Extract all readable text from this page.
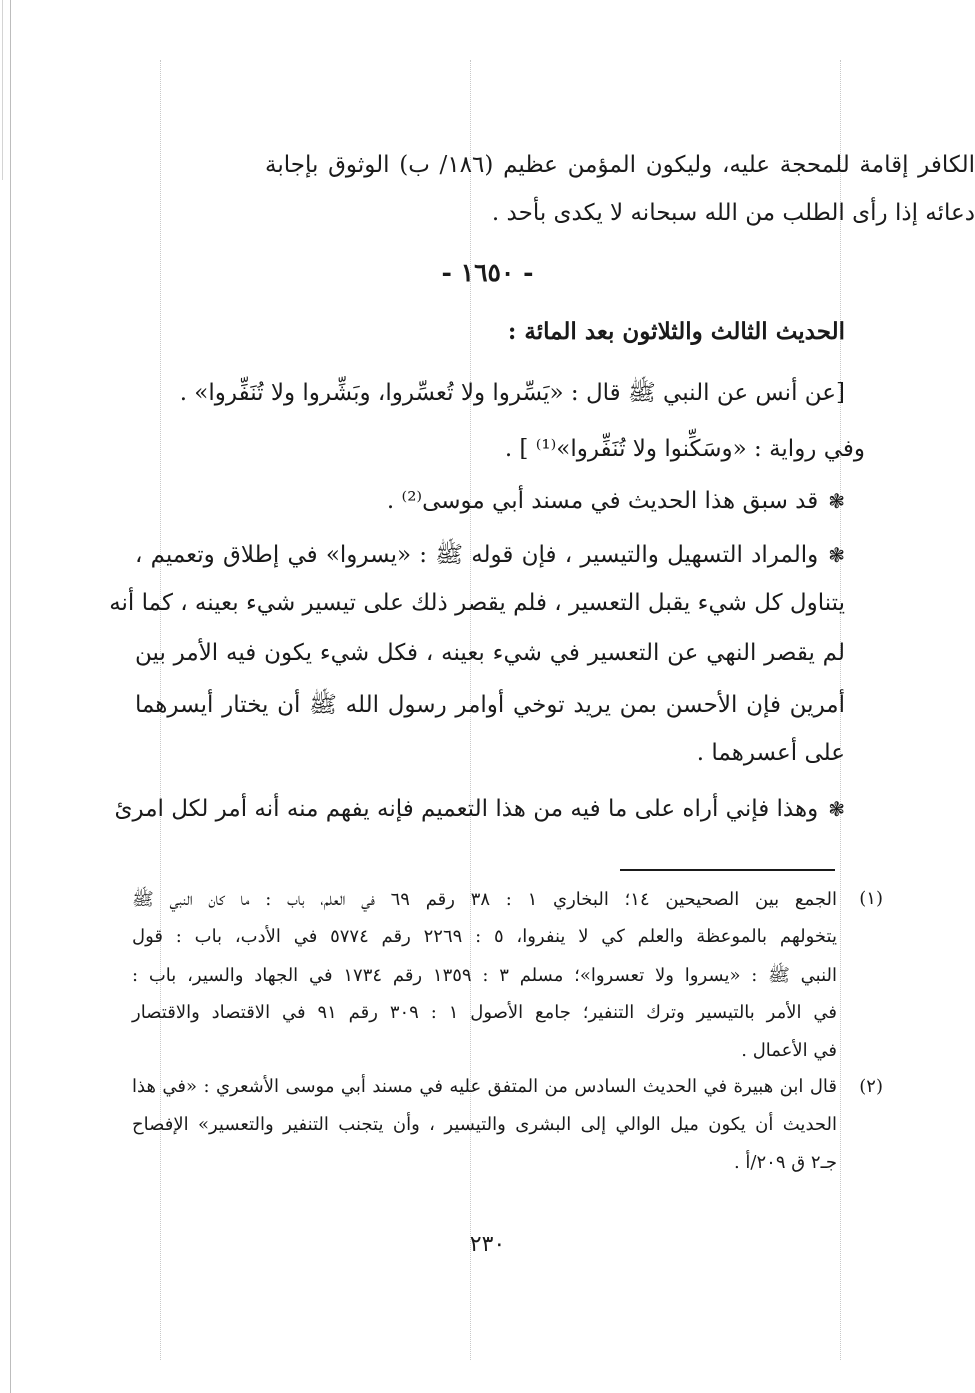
الكافر إقامة للمحجة عليه، وليكون المؤمن عظيم (١٨٦/ ب) الوثوق بإجابة
دعائه إذا رأى الطلب من الله سبحانه لا يكدى بأحد .
- ١٦٥٠ -
الحديث الثالث والثلاثون بعد المائة :
[عن أنس عن النبي ﷺ قال : «يَسِّروا ولا تُعسِّروا، وبَشِّروا ولا تُنَفِّروا» .
وفي رواية : «وسَكِّنوا ولا تُنَفِّروا»⁽¹⁾ ] .
❃قد سبق هذا الحديث في مسند أبي موسى⁽²⁾ .
❃والمراد التسهيل والتيسير ، فإن قوله ﷺ : «يسروا» في إطلاق وتعميم ،
يتناول كل شيء يقبل التعسير ، فلم يقصر ذلك على تيسير شيء بعينه ، كما أنه
لم يقصر النهي عن التعسير في شيء بعينه ، فكل شيء يكون فيه الأمر بين
أمرين فإن الأحسن بمن يريد توخي أوامر رسول الله ﷺ أن يختار أيسرهما
على أعسرهما .
❃وهذا فإني أراه على ما فيه من هذا التعميم فإنه يفهم منه أنه أمر لكل امرئ
(١)
الجمع بين الصحيحين ١٤؛ البخاري ١ : ٣٨ رقم ٦٩ في العلم، باب : ما كان النبي ﷺ
يتخولهم بالموعظة والعلم كي لا ينفروا، ٥ : ٢٢٦٩ رقم ٥٧٧٤ في الأدب، باب : قول
النبي ﷺ : «يسروا ولا تعسروا»؛ مسلم ٣ : ١٣٥٩ رقم ١٧٣٤ في الجهاد والسير، باب :
في الأمر بالتيسير وترك التنفير؛ جامع الأصول ١ : ٣٠٩ رقم ٩١ في الاقتصاد والاقتصار
في الأعمال .
(٢)
قال ابن هبيرة في الحديث السادس من المتفق عليه في مسند أبي موسى الأشعري : «في هذا
الحديث أن يكون ميل الوالي إلى البشرى والتيسير ، وأن يتجنب التنفير والتعسير» الإفصاح
جـ٢ ق ٢٠٩/أ .
٢٣٠
